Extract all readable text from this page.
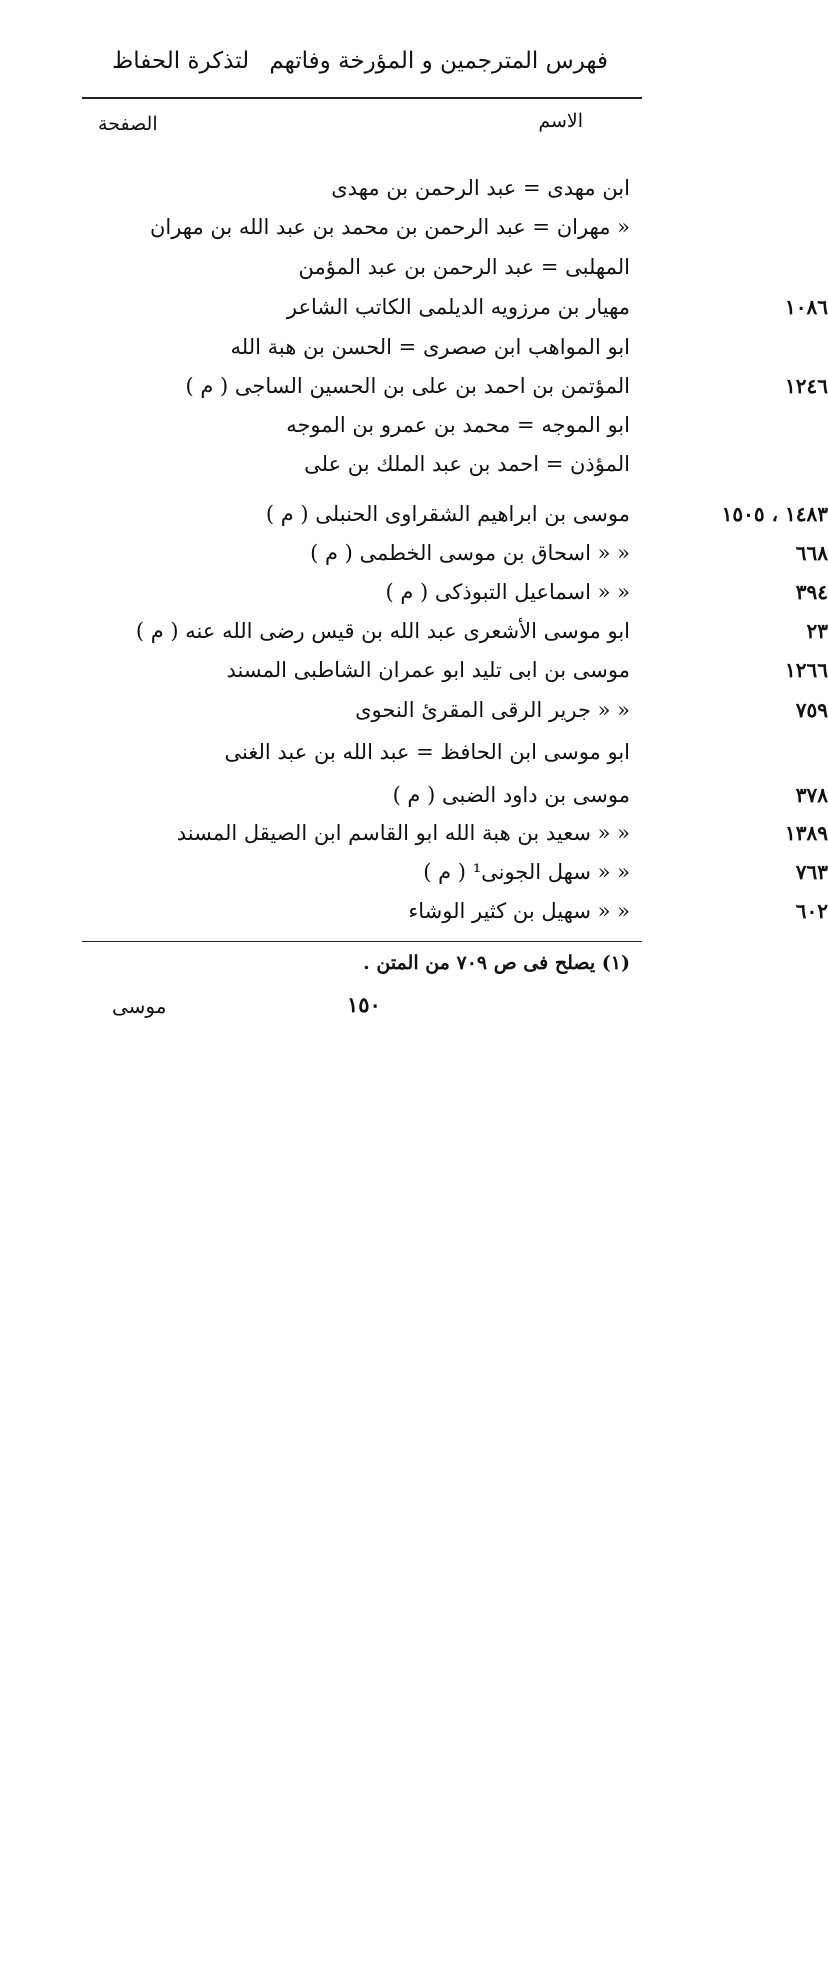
فهرس المترجمين و المؤرخة وفاتهم
لتذكرة الحفاظ
الاسم
الصفحة
ابن مهدى = عبد الرحمن بن مهدى
« مهران = عبد الرحمن بن محمد بن عبد الله بن مهران
المهلبى = عبد الرحمن بن عبد المؤمن
مهيار بن مرزويه الديلمى الكاتب الشاعر	١٠٨٦
ابو المواهب ابن صصرى = الحسن بن هبة الله
المؤتمن بن احمد بن على بن الحسين الساجى ( م )	١٢٤٦
ابو الموجه = محمد بن عمرو بن الموجه
المؤذن = احمد بن عبد الملك بن على
موسى بن ابراهيم الشقراوى الحنبلى ( م )	١٤٨٣ ، ١٥٠٥
« « اسحاق بن موسى الخطمى ( م )	٦٦٨
« « اسماعيل التبوذكى ( م )	٣٩٤
ابو موسى الأشعرى عبد الله بن قيس رضى الله عنه ( م )	٢٣
موسى بن ابى تليد ابو عمران الشاطبى المسند	١٢٦٦
« « جرير الرقى المقرئ النحوى	٧٥٩
ابو موسى ابن الحافظ = عبد الله بن عبد الغنى
موسى بن داود الضبى ( م )	٣٧٨
« « سعيد بن هبة الله ابو القاسم ابن الصيقل المسند	١٣٨٩
« « سهل الجونى¹ ( م )	٧٦٣
« « سهيل بن كثير الوشاء	٦٠٢
(١) يصلح فى ص ٧٠٩ من المتن .
١٥٠
موسى
